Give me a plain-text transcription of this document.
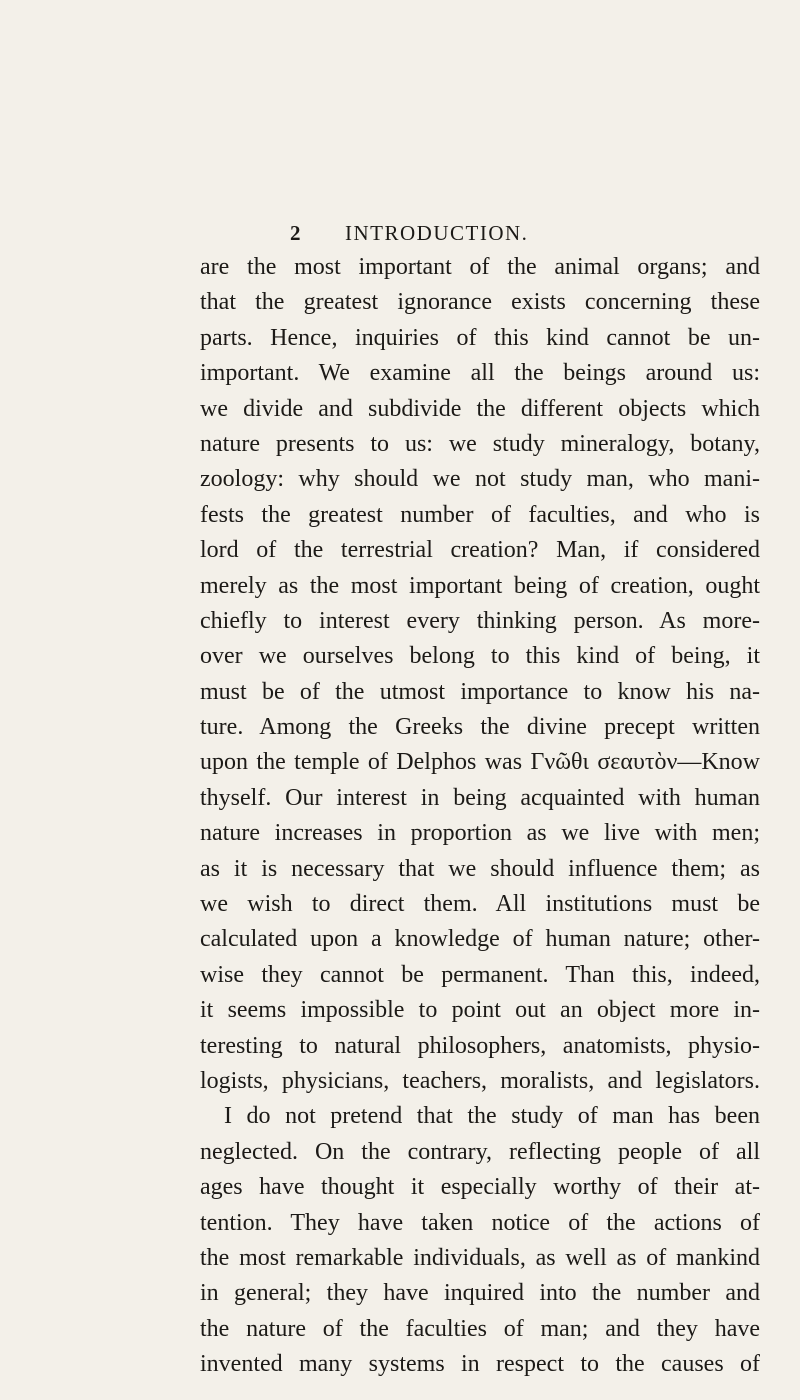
2 INTRODUCTION.
are the most important of the animal organs; and
that the greatest ignorance exists concerning these
parts. Hence, inquiries of this kind cannot be un-
important. We examine all the beings around us:
we divide and subdivide the different objects which
nature presents to us: we study mineralogy, botany,
zoology: why should we not study man, who mani-
fests the greatest number of faculties, and who is
lord of the terrestrial creation? Man, if considered
merely as the most important being of creation, ought
chiefly to interest every thinking person. As more-
over we ourselves belong to this kind of being, it
must be of the utmost importance to know his na-
ture. Among the Greeks the divine precept written
upon the temple of Delphos was Γνῶθι σεαυτὸν—Know
thyself. Our interest in being acquainted with human
nature increases in proportion as we live with men;
as it is necessary that we should influence them; as
we wish to direct them. All institutions must be
calculated upon a knowledge of human nature; other-
wise they cannot be permanent. Than this, indeed,
it seems impossible to point out an object more in-
teresting to natural philosophers, anatomists, physio-
logists, physicians, teachers, moralists, and legislators.
I do not pretend that the study of man has been
neglected. On the contrary, reflecting people of all
ages have thought it especially worthy of their at-
tention. They have taken notice of the actions of
the most remarkable individuals, as well as of mankind
in general; they have inquired into the number and
the nature of the faculties of man; and they have
invented many systems in respect to the causes of
